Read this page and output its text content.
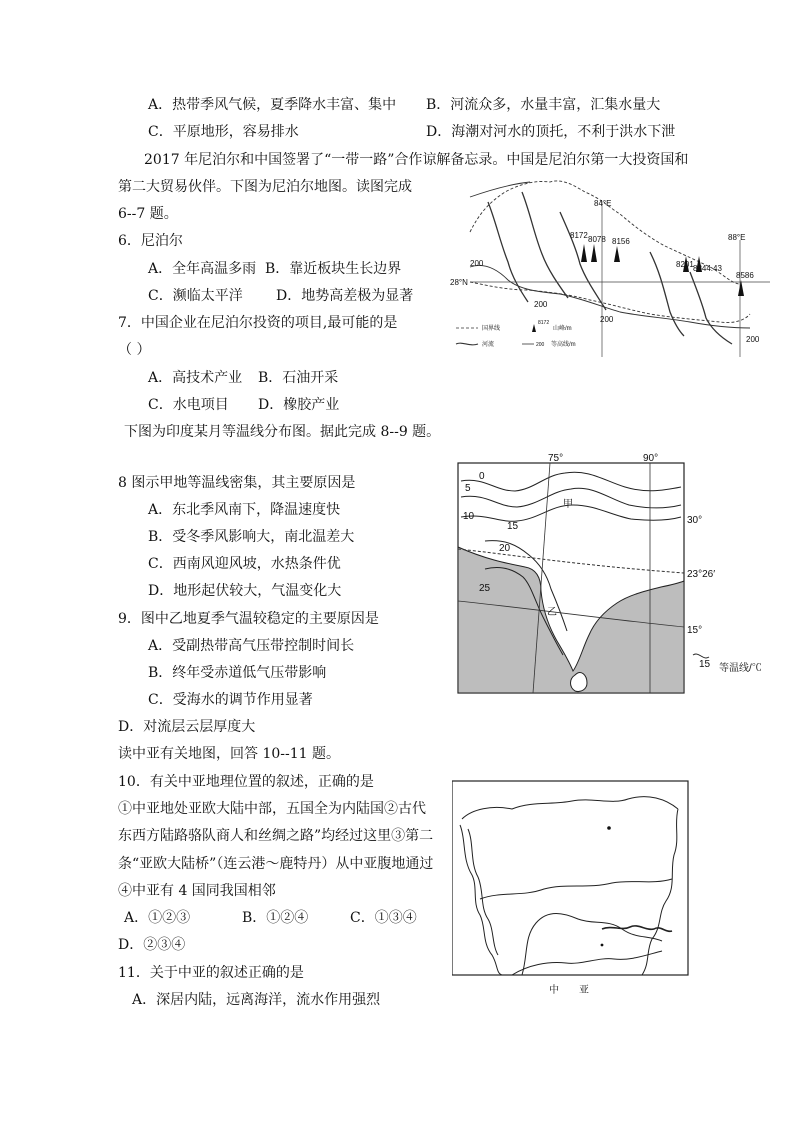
A．热带季风气候，夏季降水丰富、集中 B．河流众多，水量丰富，汇集水量大
C．平原地形，容易排水	D．海潮对河水的顶托，不利于洪水下泄
2017 年尼泊尔和中国签署了“一带一路”合作谅解备忘录。中国是尼泊尔第一大投资国和
第二大贸易伙伴。下图为尼泊尔地图。读图完成
6--7 题。
6．尼泊尔
A．全年高温多雨 B．靠近板块生长边界
C．濒临太平洋 D．地势高差极为显著
7．中国企业在尼泊尔投资的项目,最可能的是
（ ）
A．高技术产业 B．石油开采
C．水电项目 D．橡胶产业
下图为印度某月等温线分布图。据此完成 8--9 题。
8 图示甲地等温线密集，其主要原因是
A．东北季风南下，降温速度快
B．受冬季风影响大，南北温差大
C．西南风迎风坡，水热条件优
D．地形起伏较大，气温变化大
9．图中乙地夏季气温较稳定的主要原因是
A．受副热带高气压带控制时间长
B．终年受赤道低气压带影响
C．受海水的调节作用显著
D．对流层云层厚度大
读中亚有关地图，回答 10--11 题。
10．有关中亚地理位置的叙述，正确的是
①中亚地处亚欧大陆中部，五国全为内陆国②古代
东西方陆路骆队商人和丝绸之路”均经过这里③第二
条“亚欧大陆桥”（连云港～鹿特丹）从中亚腹地通过
④中亚有 4 国同我国相邻
A．①②③	B．①②④	C．①③④
D．②③④
11．关于中亚的叙述正确的是
A．深居内陆，远离海洋，流水作用强烈
84°E
88°E
28°N
8172 8078 8156
8201 8844.43
8586
200
200
200
200
国界线
8172
山峰/m
河流	200 等高线/m
75°	90°
30°
23°26′
15°
0
5
10
15
20
25
甲
乙
15 等温线/℃
中　　亚
